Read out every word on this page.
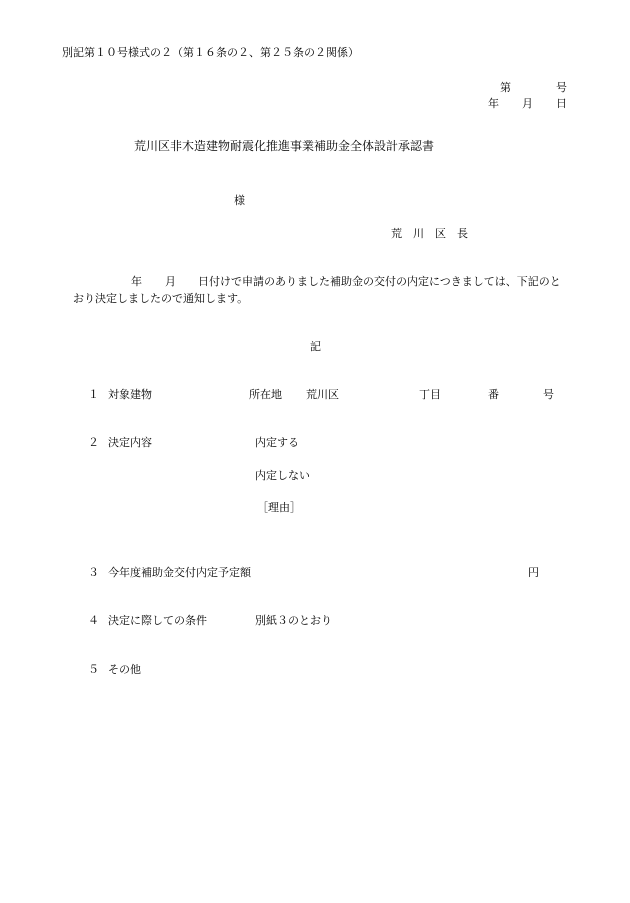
別記第１０号様式の２（第１６条の２、第２５条の２関係）
第	号
年 月 日
荒川区非木造建物耐震化推進事業補助金全体設計承認書
様
荒　川　区　長
年 月 日付けで申請のありました補助金の交付の内定につきましては、下記のと
おり決定しましたので通知します。
記
１ 対象建物	所在地 荒川区	丁目	番	号
２ 決定内容	内定する
内定しない
［理由］
３ 今年度補助金交付内定予定額	円
４ 決定に際しての条件	別紙３のとおり
５ その他
